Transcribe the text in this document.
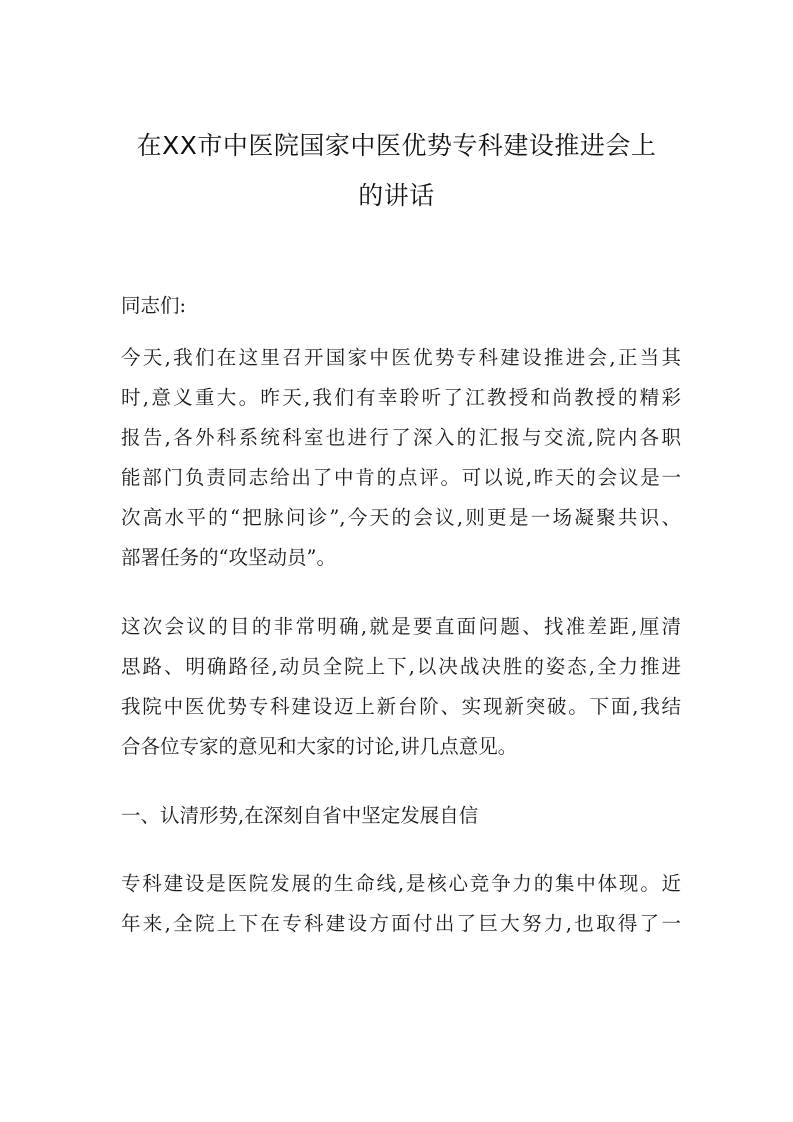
在XX市中医院国家中医优势专科建设推进会上
的讲话
同志们:
今天,我们在这里召开国家中医优势专科建设推进会,正当其
时,意义重大。昨天,我们有幸聆听了江教授和尚教授的精彩
报告,各外科系统科室也进行了深入的汇报与交流,院内各职
能部门负责同志给出了中肯的点评。可以说,昨天的会议是一
次高水平的“把脉问诊”,今天的会议,则更是一场凝聚共识、
部署任务的“攻坚动员”。
这次会议的目的非常明确,就是要直面问题、找准差距,厘清
思路、明确路径,动员全院上下,以决战决胜的姿态,全力推进
我院中医优势专科建设迈上新台阶、实现新突破。下面,我结
合各位专家的意见和大家的讨论,讲几点意见。
一、认清形势,在深刻自省中坚定发展自信
专科建设是医院发展的生命线,是核心竞争力的集中体现。近
年来,全院上下在专科建设方面付出了巨大努力,也取得了一
